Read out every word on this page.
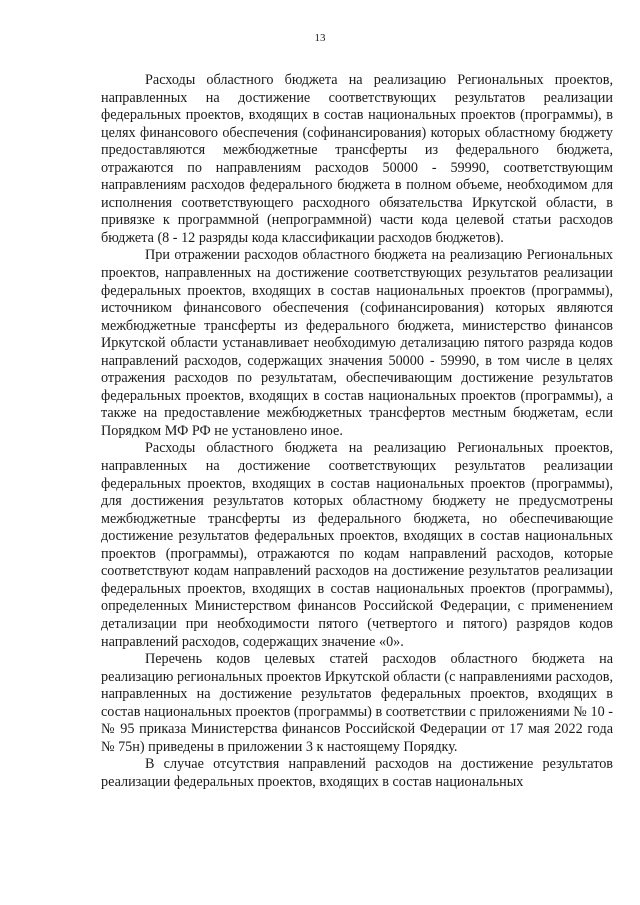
13

Расходы областного бюджета на реализацию Региональных проектов, направленных на достижение соответствующих результатов реализации федеральных проектов, входящих в состав национальных проектов (программы), в целях финансового обеспечения (софинансирования) которых областному бюджету предоставляются межбюджетные трансферты из федерального бюджета, отражаются по направлениям расходов 50000 - 59990, соответствующим направлениям расходов федерального бюджета в полном объеме, необходимом для исполнения соответствующего расходного обязательства Иркутской области, в привязке к программной (непрограммной) части кода целевой статьи расходов бюджета (8 - 12 разряды кода классификации расходов бюджетов).

При отражении расходов областного бюджета на реализацию Региональных проектов, направленных на достижение соответствующих результатов реализации федеральных проектов, входящих в состав национальных проектов (программы), источником финансового обеспечения (софинансирования) которых являются межбюджетные трансферты из федерального бюджета, министерство финансов Иркутской области устанавливает необходимую детализацию пятого разряда кодов направлений расходов, содержащих значения 50000 - 59990, в том числе в целях отражения расходов по результатам, обеспечивающим достижение результатов федеральных проектов, входящих в состав национальных проектов (программы), а также на предоставление межбюджетных трансфертов местным бюджетам, если Порядком МФ РФ не установлено иное.

Расходы областного бюджета на реализацию Региональных проектов, направленных на достижение соответствующих результатов реализации федеральных проектов, входящих в состав национальных проектов (программы), для достижения результатов которых областному бюджету не предусмотрены межбюджетные трансферты из федерального бюджета, но обеспечивающие достижение результатов федеральных проектов, входящих в состав национальных проектов (программы), отражаются по кодам направлений расходов, которые соответствуют кодам направлений расходов на достижение результатов реализации федеральных проектов, входящих в состав национальных проектов (программы), определенных Министерством финансов Российской Федерации, с применением детализации при необходимости пятого (четвертого и пятого) разрядов кодов направлений расходов, содержащих значение «0».

Перечень кодов целевых статей расходов областного бюджета на реализацию региональных проектов Иркутской области (с направлениями расходов, направленных на достижение результатов федеральных проектов, входящих в состав национальных проектов (программы) в соответствии с приложениями № 10 - № 95 приказа Министерства финансов Российской Федерации от 17 мая 2022 года № 75н) приведены в приложении 3 к настоящему Порядку.

В случае отсутствия направлений расходов на достижение результатов реализации федеральных проектов, входящих в состав национальных
